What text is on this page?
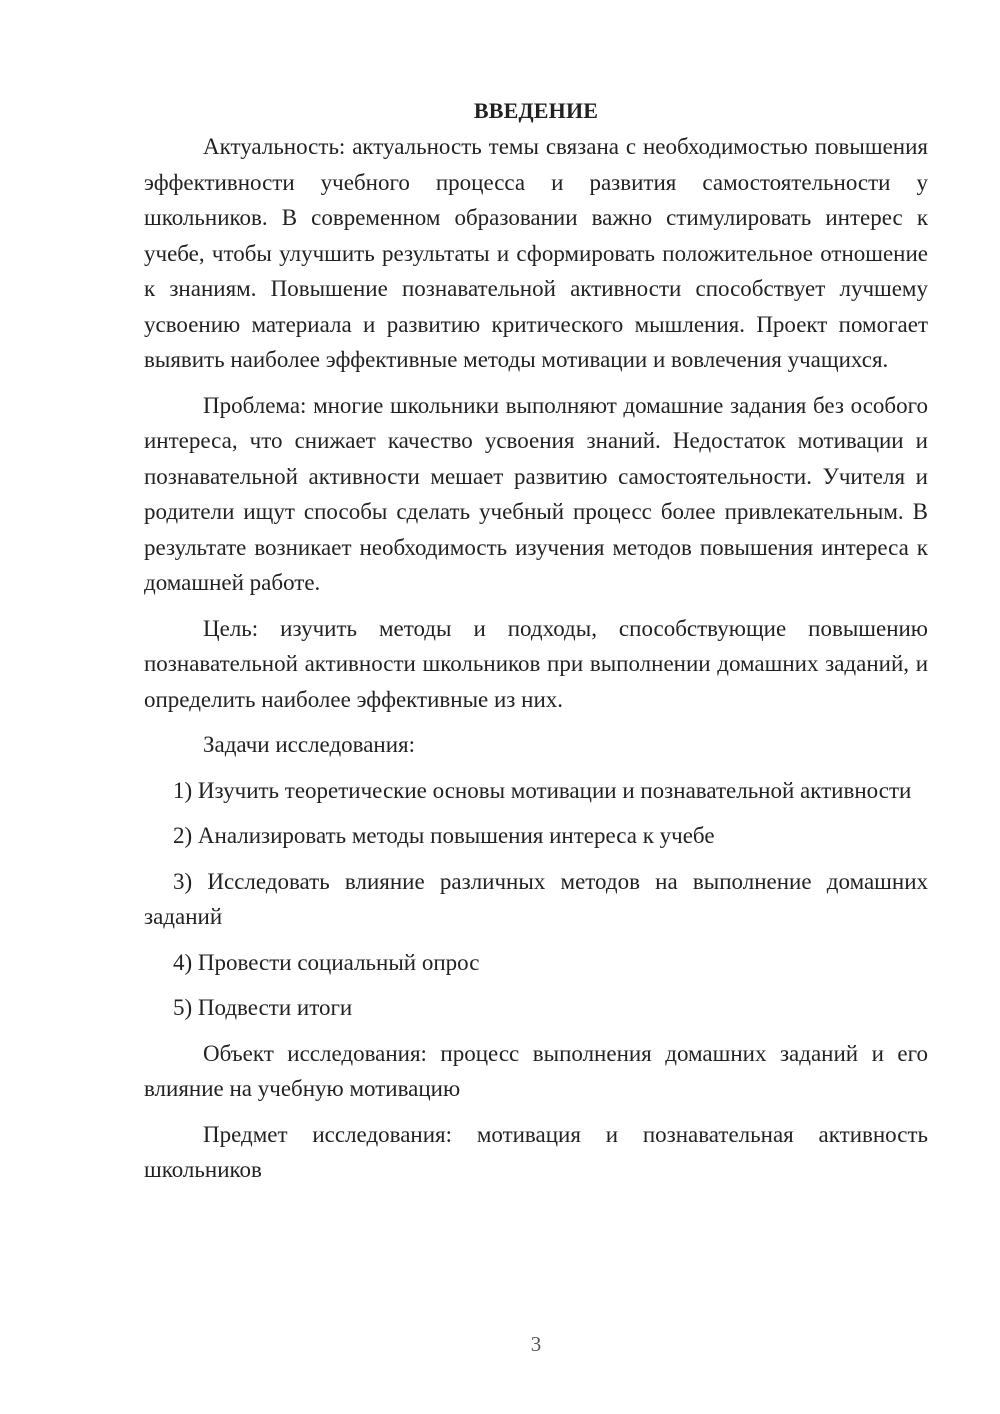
ВВЕДЕНИЕ

Актуальность: актуальность темы связана с необходимостью повышения эффективности учебного процесса и развития самостоятельности у школьников. В современном образовании важно стимулировать интерес к учебе, чтобы улучшить результаты и сформировать положительное отношение к знаниям. Повышение познавательной активности способствует лучшему усвоению материала и развитию критического мышления. Проект помогает выявить наиболее эффективные методы мотивации и вовлечения учащихся.

Проблема: многие школьники выполняют домашние задания без особого интереса, что снижает качество усвоения знаний. Недостаток мотивации и познавательной активности мешает развитию самостоятельности. Учителя и родители ищут способы сделать учебный процесс более привлекательным. В результате возникает необходимость изучения методов повышения интереса к домашней работе.

Цель: изучить методы и подходы, способствующие повышению познавательной активности школьников при выполнении домашних заданий, и определить наиболее эффективные из них.

Задачи исследования:

1) Изучить теоретические основы мотивации и познавательной активности

2) Анализировать методы повышения интереса к учебе

3) Исследовать влияние различных методов на выполнение домашних заданий

4) Провести социальный опрос

5) Подвести итоги

Объект исследования: процесс выполнения домашних заданий и его влияние на учебную мотивацию

Предмет исследования: мотивация и познавательная активность школьников

3
